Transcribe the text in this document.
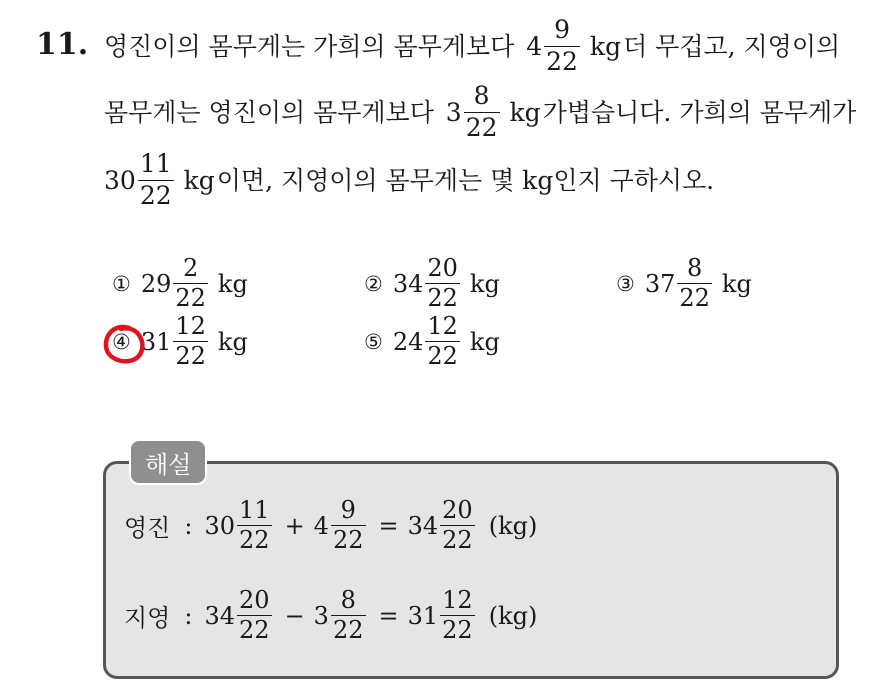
11. 영진이의 몸무게는 가희의 몸무게보다 $4 \frac{9}{22}$ kg 더 무겁고, 지영이의
몸무게는 영진이의 몸무게보다 $3 \frac{8}{22}$ kg 가볍습니다. 가희의 몸무게가
$30 \frac{11}{22}$ kg 이면, 지영이의 몸무게는 몇 kg 인지 구하시오.
① $29 \frac{2}{22}$ kg	② $34 \frac{20}{22}$ kg	③ $37 \frac{8}{22}$ kg
④ $31 \frac{12}{22}$ kg	⑤ $24 \frac{12}{22}$ kg
해설
영진 : $30 \frac{11}{22} + 4 \frac{9}{22} = 34 \frac{20}{22} (kg)$
지영 : $34 \frac{20}{22} - 3 \frac{8}{22} = 31 \frac{12}{22} (kg)$
